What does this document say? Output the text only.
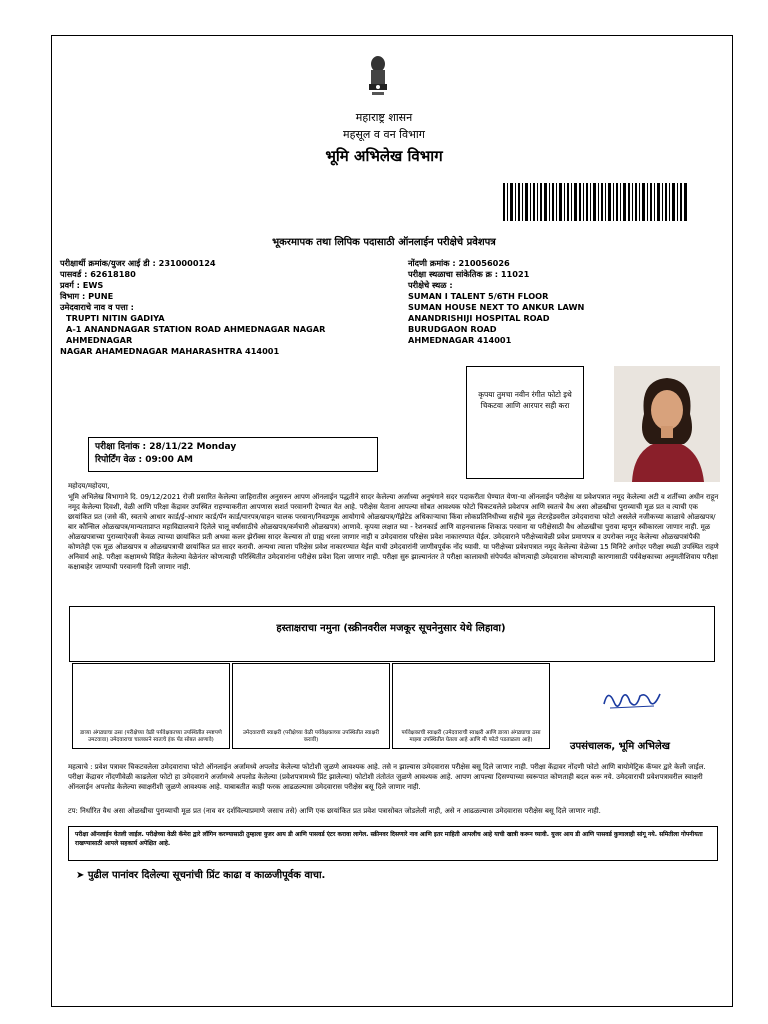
महाराष्ट्र शासन
महसूल व वन विभाग
भूमि अभिलेख विभाग
भूकरमापक तथा लिपिक पदासाठी ऑनलाईन परीक्षेचे प्रवेशपत्र
परीक्षार्थी क्रमांक/युजर आई डी : 2310000124
पासवर्ड : 62618180
प्रवर्ग : EWS
विभाग : PUNE
उमेदवाराचे नाव व पत्ता :
TRUPTI NITIN GADIYA
A-1 ANANDNAGAR STATION ROAD AHMEDNAGAR NAGAR AHMEDNAGAR
NAGAR AHAMEDNAGAR MAHARASHTRA 414001
नोंदणी क्रमांक : 210056026
परीक्षा स्थळाचा सांकेतिक क्र : 11021
परीक्षेचे स्थळ :
SUMAN I TALENT 5/6TH FLOOR
SUMAN HOUSE NEXT TO ANKUR LAWN
ANANDRISHIJI HOSPITAL ROAD
BURUDGAON ROAD
AHMEDNAGAR 414001
कृपया तुमचा नवीन रंगीत फोटो इथे चिकटवा आणि आरपार सही करा
परीक्षा दिनांक : 28/11/22 Monday
रिपोर्टिंग वेळ : 09:00 AM
महोदय/महोदया,
भूमि अभिलेख विभागाने दि. 09/12/2021 रोजी प्रसारित केलेल्या जाहिरातीस अनुसरुन आपण ऑनलाईन पद्धतीने सादर केलेल्या अर्जाच्या अनुषंगाने सदर पदाकरीता घेण्यात येणा-या ऑनलाईन परीक्षेस या प्रवेशपत्रात नमूद केलेल्या अटी व शर्तीच्या अधीन राहून नमूद केलेल्या दिवशी, वेळी आणि परिक्षा केंद्रावर उपस्थित राहण्याकरीता आपणास सशर्त परवानगी देण्यात येत आहे. परीक्षेस येताना आपल्या सोबत आवश्यक फोटो चिकटवलेले प्रवेशपत्र आणि स्वतःचे वैध असा ओळखीचा पुराव्याची मूळ प्रत व त्याची एक छायांकित प्रत (जसे की, स्वतःचे आधार कार्ड/ई-आधार कार्ड/पॅन कार्ड/पारपत्र/वाहन चालक परवाना/निवडणूक आयोगाचे ओळखपत्र/गॅझेटेड अधिकाऱ्याचा किंवा लोकप्रतिनिधीच्या सहीचे मूळ लेटरहेडवरील उमेदवाराचा फोटो असलेले नजीकच्या काळाचे ओळखपत्र/बार कौन्सिल ओळखपत्र/मान्यताप्राप्त महाविद्यालयाने दिलेले चालू वर्षासाठीचे ओळखपत्र/कर्मचारी ओळखपत्र) आणावे. कृपया लक्षात घ्या - रेशनकार्ड आणि वाहनचालक शिकाऊ परवाना या परीक्षेसाठी वैध ओळखीचा पुरावा म्हणून स्वीकारला जाणार नाही. मूळ ओळखपत्राच्या पुराव्याऐवजी केवळ त्याच्या छायांकित प्रती अथवा कलर झेरॉक्स सादर केल्यास तो ग्राह्य धरला जाणार नाही व उमेदवारास परिक्षेस प्रवेश नाकारण्यात येईल. उमेदवाराने परीक्षेच्यावेळी प्रवेश प्रमाणपत्र व उपरोक्त नमूद केलेल्या ओळखपत्रांपैकी कोणतेही एक मूळ ओळखपत्र व ओळखपत्राची छायांकित प्रत सादर करावी. अन्यथा त्याला परिक्षेस प्रवेश नाकारण्यात येईल याची उमेदवारांनी जाणीवपूर्वक नोंद घ्यावी. या परीक्षेच्या प्रवेशपत्रात नमूद केलेल्या वेळेच्या 15 मिनिटे अगोदर परीक्षा स्थळी उपस्थित राहणे अनिवार्य आहे. परीक्षा कक्षामध्ये विहित केलेल्या वेळेनंतर कोणत्याही परिस्थितीत उमेदवारांना परीक्षेस प्रवेश दिला जाणार नाही. परीक्षा सुरु झाल्यानंतर ते परीक्षा कालावधी संपेपर्यंत कोणत्याही उमेदवारास कोणत्याही कारणासाठी पर्यवेक्षकाच्या अनुमतीशिवाय परीक्षा कक्षाबाहेर जाण्याची परवानगी दिली जाणार नाही.
हस्ताक्षराचा नमुना (स्क्रीनवरील मजकूर सूचनेनुसार येथे लिहावा)
डाव्या अंगठ्याचा ठसा (परीक्षेच्या वेळी पर्यवेक्षकाच्या उपस्थितीत स्पष्टपणे उमटवावा) उमेदवाराचा चालकाने स्वतःचे इंक पॅड सोबत आणावे)
उमेदवाराची स्वाक्षरी (परीक्षेच्या वेळी पर्यवेक्षकाच्या उपस्थितीत स्वाक्षरी करावी)
पर्यवेक्षकाची स्वाक्षरी (उमेदवाराची स्वाक्षरी आणि डाव्या अंगठ्याचा ठसा माझ्या उपस्थितीत घेतला आहे आणि मी फोटो पडताळला आहे)
उपसंचालक, भूमि अभिलेख
महत्वाचे : प्रवेश पत्रावर चिकटवलेला उमेदवाराचा फोटो ऑनलाईन अर्जामध्ये अपलोड केलेल्या फोटोशी जुळणे आवश्यक आहे. तसे न झाल्यास उमेदवारास परीक्षेस बसू दिले जाणार नाही. परीक्षा केंद्रावर नोंदणी फोटो आणि बायोमेट्रिक कॅप्चर द्वारे केली जाईल. परीक्षा केंद्रावर नोंदणीवेळी काढलेला फोटो हा उमेदवाराने अर्जामध्ये अपलोड केलेल्या (प्रवेशपत्रामध्ये प्रिंट झालेल्या) फोटोशी तंतोतंत जुळणे आवश्यक आहे. आपण आपल्या दिसण्याच्या स्वरूपात कोणताही बदल करू नये. उमेदवाराची प्रवेशपत्रावरील स्वाक्षरी ऑनलाईन अपलोड केलेल्या स्वाक्षरीशी जुळणे आवश्यक आहे. याबाबतीत काही फरक आढळल्यास उमेदवारास परीक्षेस बसू दिले जाणार नाही.
टप: निर्धारित वैध असा ओळखीचा पुराव्याची मूळ प्रत (नाव वर दर्शविल्याप्रमाणे जसाच तसे) आणि एक छायांकित प्रत प्रवेश पत्रासोबत जोडलेली नाही, असे न आढळल्यास उमेदवारास परीक्षेस बसू दिले जाणार नाही.
परीक्षा ऑनलाईन घेतली जाईल. परीक्षेच्या वेळी कॅमेरा द्वारे लॉगिन करण्यासाठी तुम्हाला युजर आय डी आणि पासवर्ड एंटर करावा लागेल. स्क्रीनवर दिसणारे नाव आणि इतर माहिती आपलीच आहे याची खात्री करून घ्यावी. युजर आय डी आणि पासवर्ड कुणालाही सांगू नये. समितीला गोपनीयता राखण्यासाठी आपले सहकार्य अपेक्षित आहे.
➤ पुढील पानांवर दिलेल्या सूचनांची प्रिंट काढा व काळजीपूर्वक वाचा.
